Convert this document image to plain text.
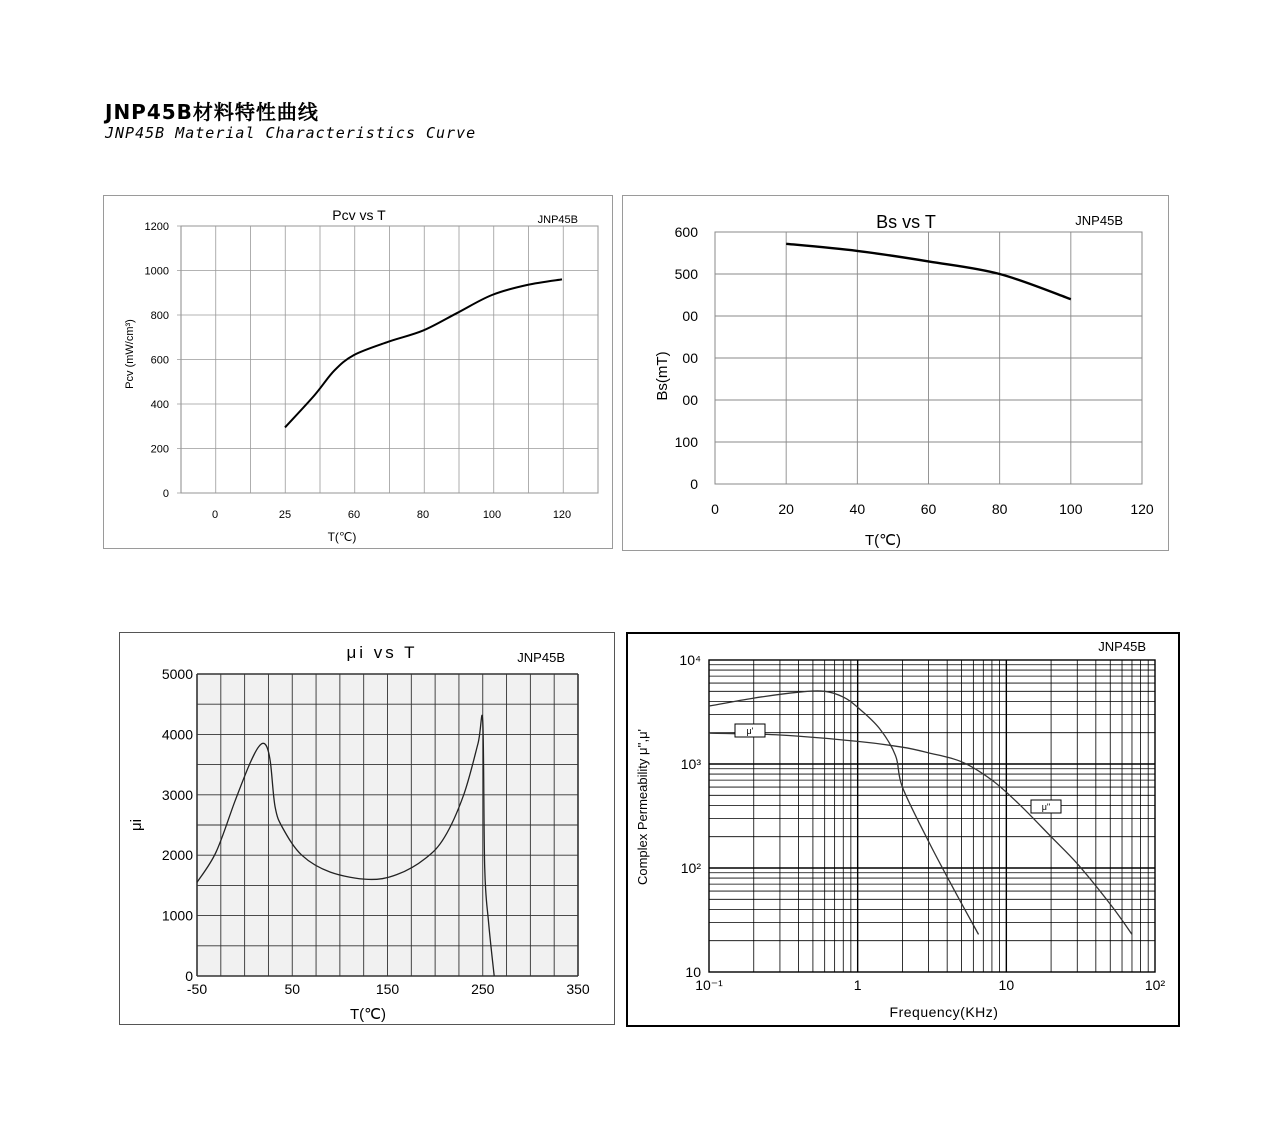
JNP45B材料特性曲线
JNP45B Material Characteristics Curve
Pcv vs T	JNP45B
0
200
400
600
800
1000
1200
0	25	60	80	100	120
T(℃)
Pcv (mW/cm³)
Bs vs T	JNP45B
0	20	40	60	80	100	120
0
100
00
00
00
500
600
T(℃)
Bs(mT)
μi vs T	JNP45B
0
1000
2000
3000
4000
5000
-50	50	150	250	350
T(℃)
μi
JNP45B
10⁻¹	1	10	10²
10
10²
10³
10⁴
μ'
μ''
Frequency(KHz)
Complex Permeability μ'',μ'
